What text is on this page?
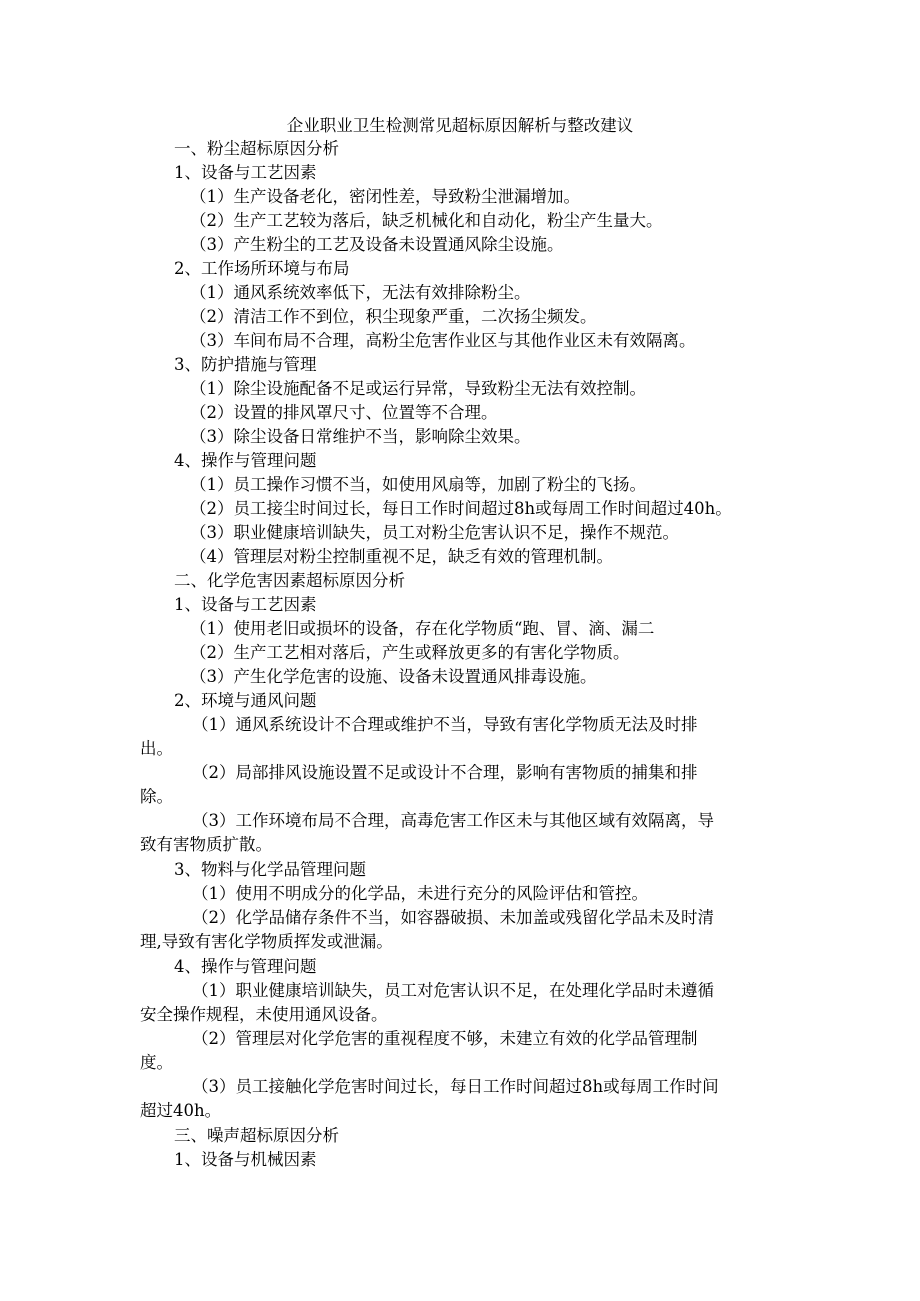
企业职业卫生检测常见超标原因解析与整改建议

一、粉尘超标原因分析

1、设备与工艺因素

（1）生产设备老化，密闭性差，导致粉尘泄漏增加。

（2）生产工艺较为落后，缺乏机械化和自动化，粉尘产生量大。

（3）产生粉尘的工艺及设备未设置通风除尘设施。

2、工作场所环境与布局

（1）通风系统效率低下，无法有效排除粉尘。

（2）清洁工作不到位，积尘现象严重，二次扬尘频发。

（3）车间布局不合理，高粉尘危害作业区与其他作业区未有效隔离。

3、防护措施与管理

（1）除尘设施配备不足或运行异常，导致粉尘无法有效控制。

（2）设置的排风罩尺寸、位置等不合理。

（3）除尘设备日常维护不当，影响除尘效果。

4、操作与管理问题

（1）员工操作习惯不当，如使用风扇等，加剧了粉尘的飞扬。

（2）员工接尘时间过长，每日工作时间超过8h或每周工作时间超过40h。

（3）职业健康培训缺失，员工对粉尘危害认识不足，操作不规范。

（4）管理层对粉尘控制重视不足，缺乏有效的管理机制。

二、化学危害因素超标原因分析

1、设备与工艺因素

（1）使用老旧或损坏的设备，存在化学物质“跑、冒、滴、漏二

（2）生产工艺相对落后，产生或释放更多的有害化学物质。

（3）产生化学危害的设施、设备未设置通风排毒设施。

2、环境与通风问题

（1）通风系统设计不合理或维护不当，导致有害化学物质无法及时排

出。

（2）局部排风设施设置不足或设计不合理，影响有害物质的捕集和排

除。

（3）工作环境布局不合理，高毒危害工作区未与其他区域有效隔离，导

致有害物质扩散。

3、物料与化学品管理问题

（1）使用不明成分的化学品，未进行充分的风险评估和管控。

（2）化学品储存条件不当，如容器破损、未加盖或残留化学品未及时清

理,导致有害化学物质挥发或泄漏。

4、操作与管理问题

（1）职业健康培训缺失，员工对危害认识不足，在处理化学品时未遵循

安全操作规程，未使用通风设备。

（2）管理层对化学危害的重视程度不够，未建立有效的化学品管理制

度。

（3）员工接触化学危害时间过长，每日工作时间超过8h或每周工作时间

超过40h。

三、噪声超标原因分析

1、设备与机械因素
